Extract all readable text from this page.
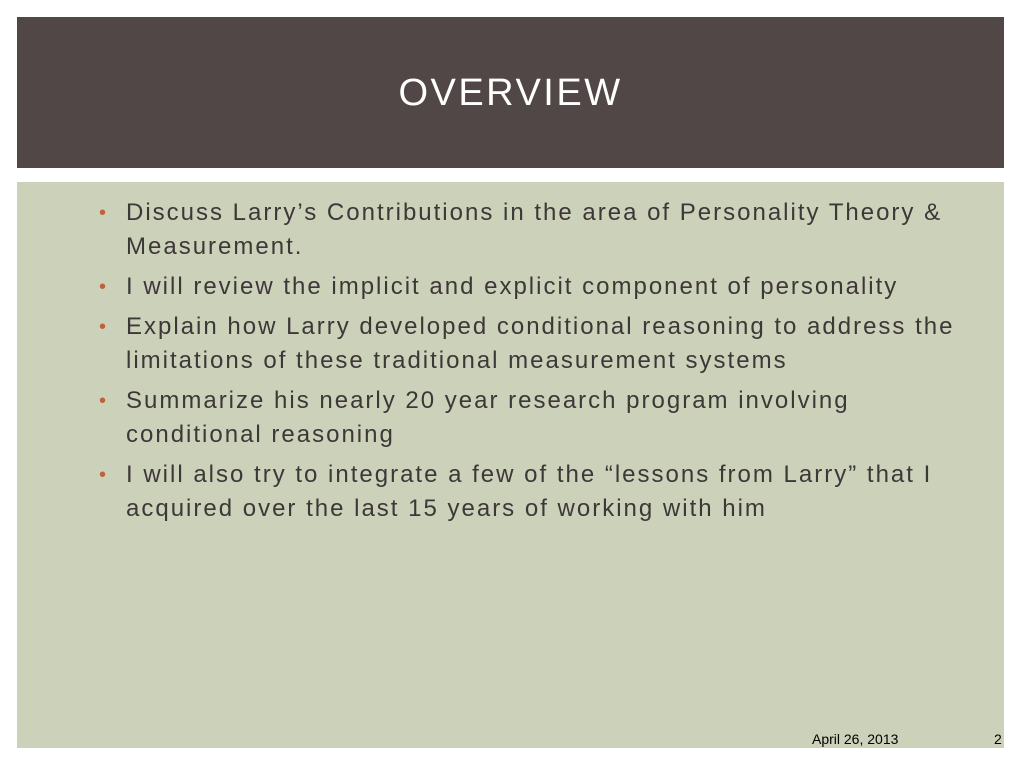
OVERVIEW
• Discuss Larry’s Contributions in the area of Personality Theory & Measurement.
• I will review the implicit and explicit component of personality
• Explain how Larry developed conditional reasoning to address the limitations of these traditional measurement systems
• Summarize his nearly 20 year research program involving conditional reasoning
• I will also try to integrate a few of the “lessons from Larry” that I acquired over the last 15 years of working with him
April 26, 2013	2
